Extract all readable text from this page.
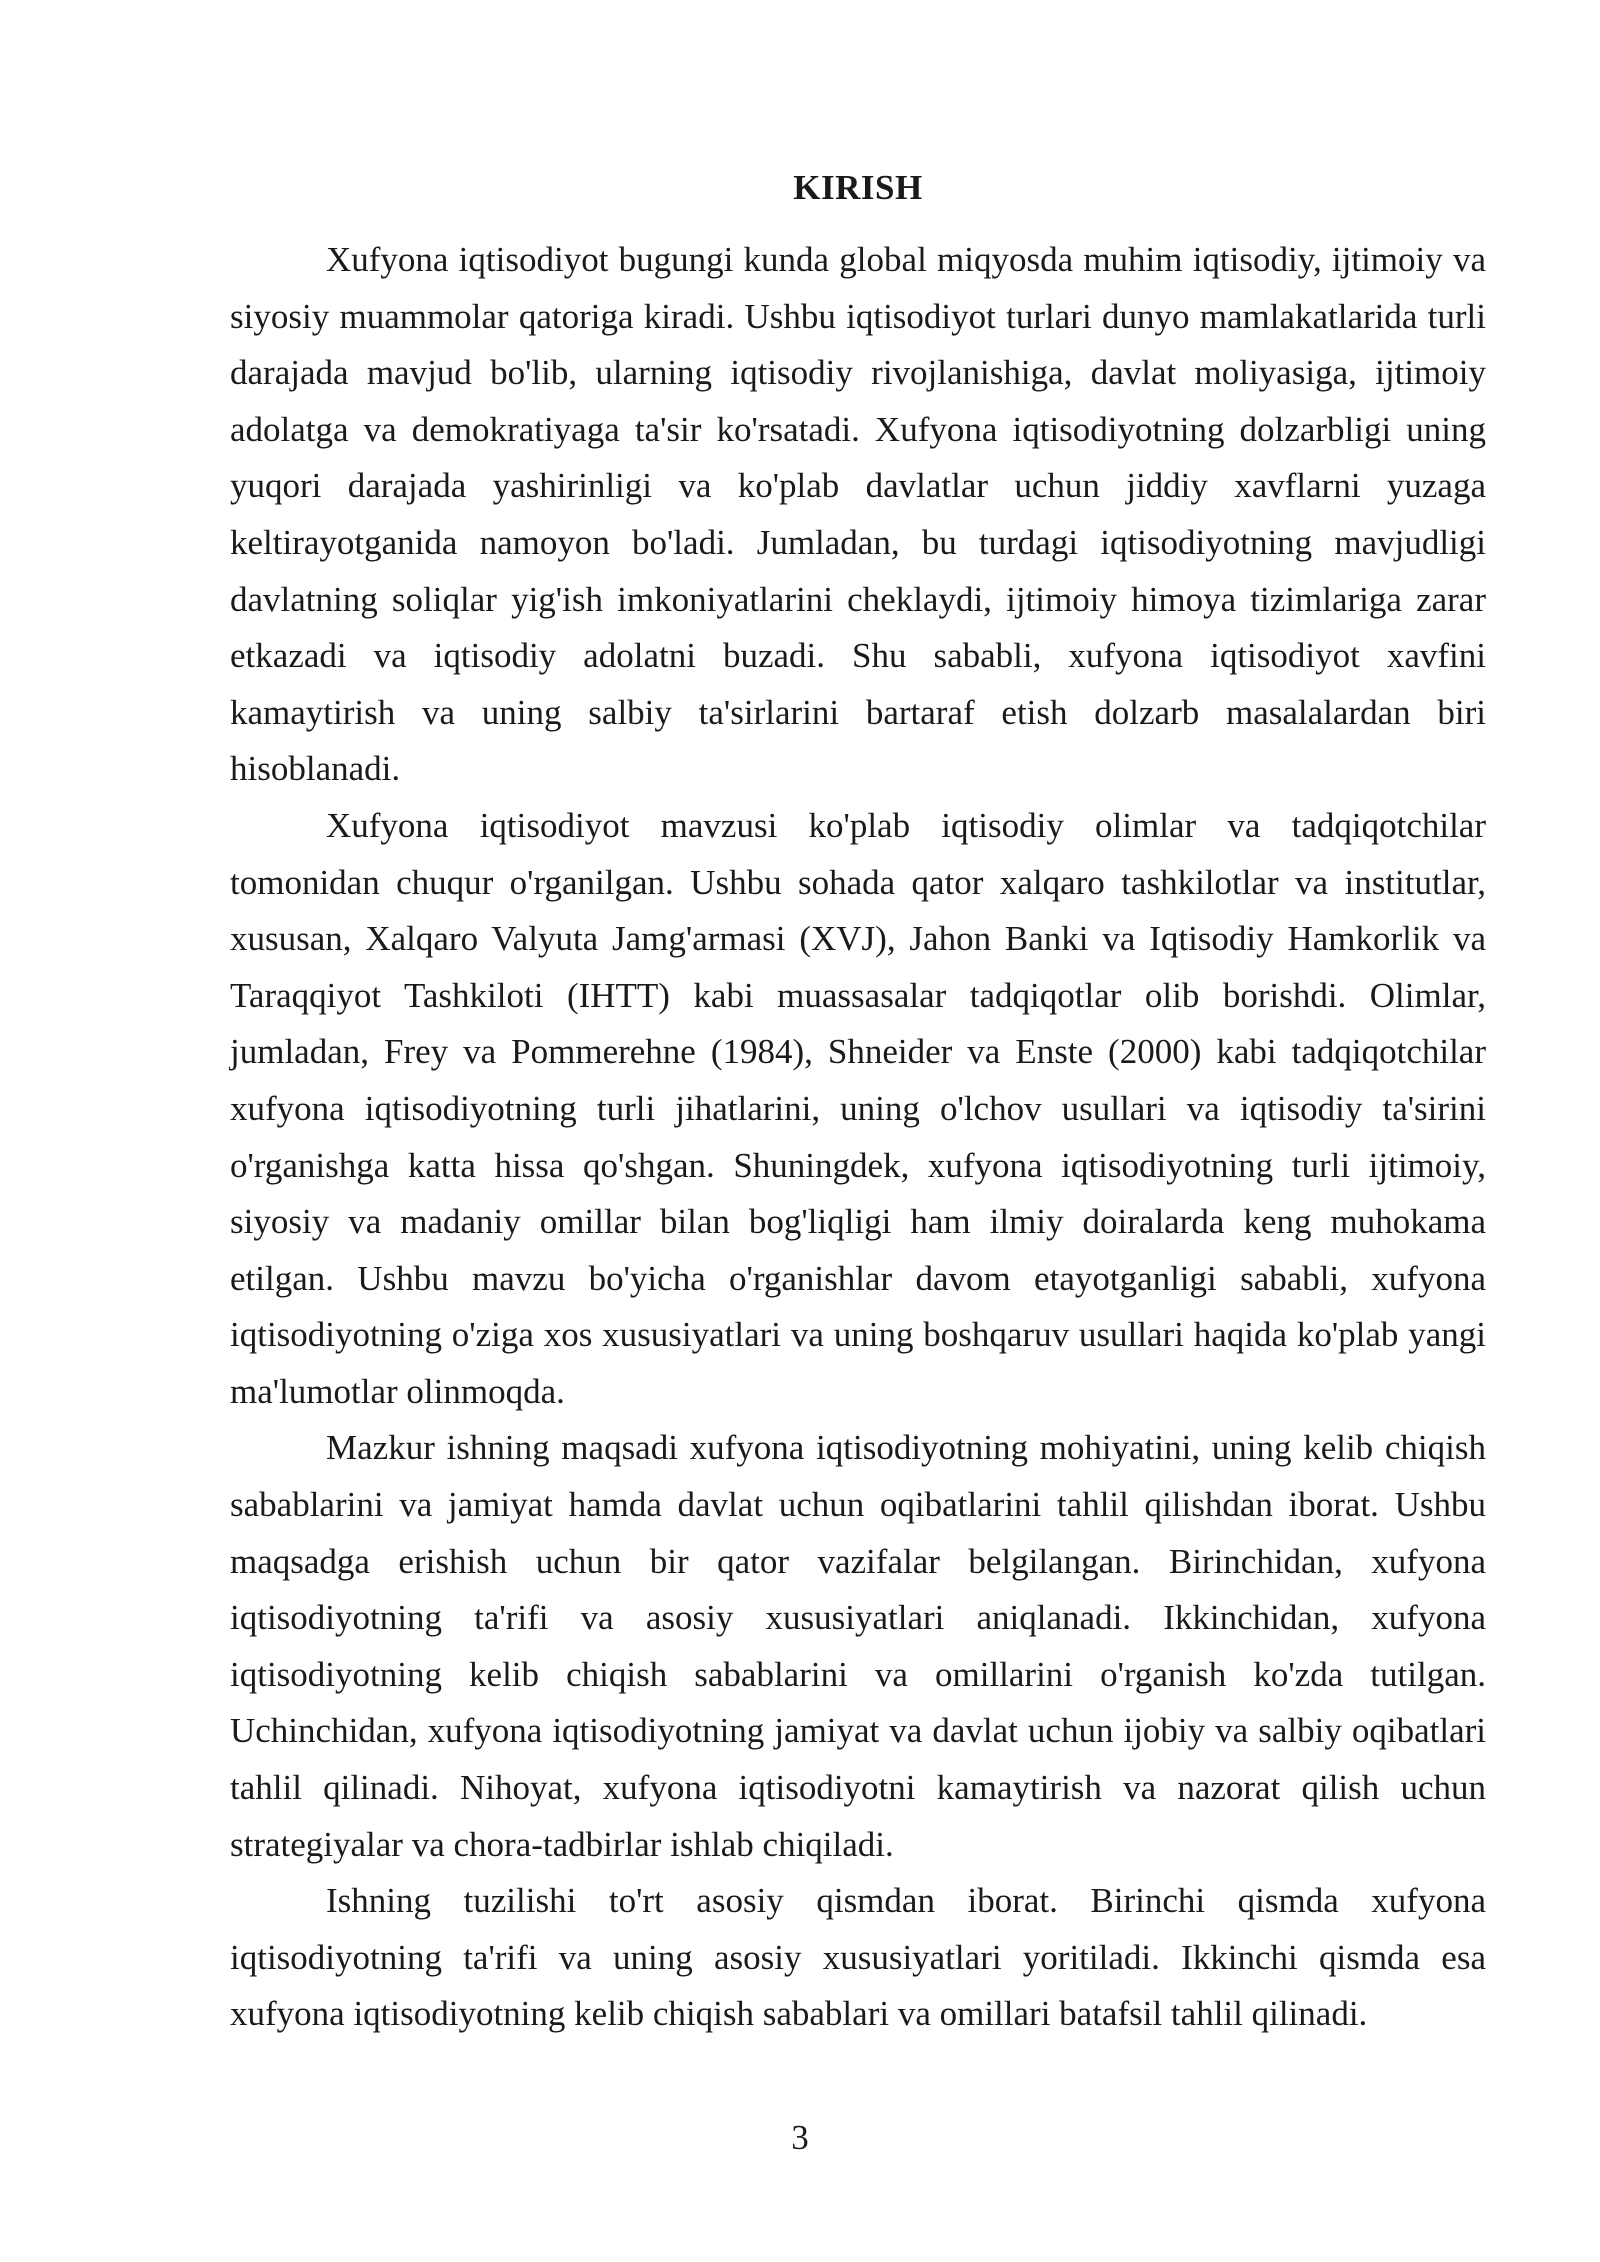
KIRISH

Xufyona iqtisodiyot bugungi kunda global miqyosda muhim iqtisodiy, ijtimoiy va siyosiy muammolar qatoriga kiradi. Ushbu iqtisodiyot turlari dunyo mamlakatlarida turli darajada mavjud bo'lib, ularning iqtisodiy rivojlanishiga, davlat moliyasiga, ijtimoiy adolatga va demokratiyaga ta'sir ko'rsatadi. Xufyona iqtisodiyotning dolzarbligi uning yuqori darajada yashirinligi va ko'plab davlatlar uchun jiddiy xavflarni yuzaga keltirayotganida namoyon bo'ladi. Jumladan, bu turdagi iqtisodiyotning mavjudligi davlatning soliqlar yig'ish imkoniyatlarini cheklaydi, ijtimoiy himoya tizimlariga zarar etkazadi va iqtisodiy adolatni buzadi. Shu sababli, xufyona iqtisodiyot xavfini kamaytirish va uning salbiy ta'sirlarini bartaraf etish dolzarb masalalardan biri hisoblanadi.

Xufyona iqtisodiyot mavzusi ko'plab iqtisodiy olimlar va tadqiqotchilar tomonidan chuqur o'rganilgan. Ushbu sohada qator xalqaro tashkilotlar va institutlar, xususan, Xalqaro Valyuta Jamg'armasi (XVJ), Jahon Banki va Iqtisodiy Hamkorlik va Taraqqiyot Tashkiloti (IHTT) kabi muassasalar tadqiqotlar olib borishdi. Olimlar, jumladan, Frey va Pommerehne (1984), Shneider va Enste (2000) kabi tadqiqotchilar xufyona iqtisodiyotning turli jihatlarini, uning o'lchov usullari va iqtisodiy ta'sirini o'rganishga katta hissa qo'shgan. Shuningdek, xufyona iqtisodiyotning turli ijtimoiy, siyosiy va madaniy omillar bilan bog'liqligi ham ilmiy doiralarda keng muhokama etilgan. Ushbu mavzu bo'yicha o'rganishlar davom etayotganligi sababli, xufyona iqtisodiyotning o'ziga xos xususiyatlari va uning boshqaruv usullari haqida ko'plab yangi ma'lumotlar olinmoqda.

Mazkur ishning maqsadi xufyona iqtisodiyotning mohiyatini, uning kelib chiqish sabablarini va jamiyat hamda davlat uchun oqibatlarini tahlil qilishdan iborat. Ushbu maqsadga erishish uchun bir qator vazifalar belgilangan. Birinchidan, xufyona iqtisodiyotning ta'rifi va asosiy xususiyatlari aniqlanadi. Ikkinchidan, xufyona iqtisodiyotning kelib chiqish sabablarini va omillarini o'rganish ko'zda tutilgan. Uchinchidan, xufyona iqtisodiyotning jamiyat va davlat uchun ijobiy va salbiy oqibatlari tahlil qilinadi. Nihoyat, xufyona iqtisodiyotni kamaytirish va nazorat qilish uchun strategiyalar va chora-tadbirlar ishlab chiqiladi.

Ishning tuzilishi to'rt asosiy qismdan iborat. Birinchi qismda xufyona iqtisodiyotning ta'rifi va uning asosiy xususiyatlari yoritiladi. Ikkinchi qismda esa xufyona iqtisodiyotning kelib chiqish sabablari va omillari batafsil tahlil qilinadi.

3
